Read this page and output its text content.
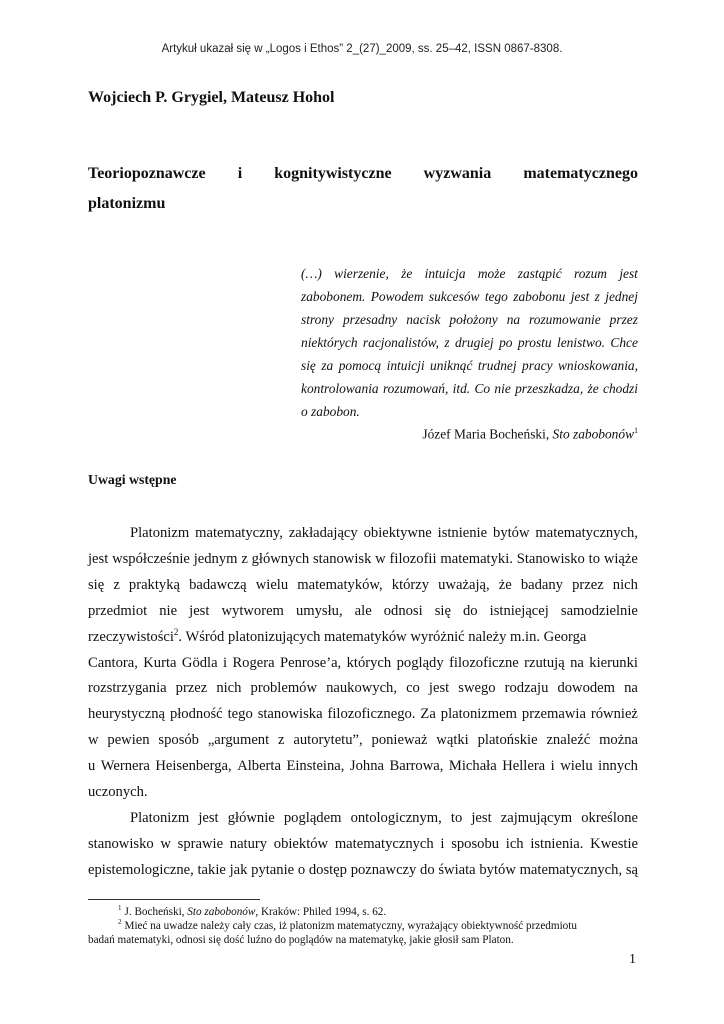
Artykuł ukazał się w „Logos i Ethos” 2_(27)_2009, ss. 25–42, ISSN 0867-8308.
Wojciech P. Grygiel, Mateusz Hohol
Teoriopoznawcze i kognitywistyczne wyzwania matematycznego
platonizmu
(…) wierzenie, że intuicja może zastąpić rozum jest
zabobonem. Powodem sukcesów tego zabobonu jest z jednej
strony przesadny nacisk położony na rozumowanie przez
niektórych racjonalistów, z drugiej po prostu lenistwo. Chce
się za pomocą intuicji uniknąć trudnej pracy wnioskowania,
kontrolowania rozumowań, itd. Co nie przeszkadza, że chodzi
o zabobon.
Józef Maria Bocheński, Sto zabobonów$^1$
Uwagi wstępne
Platonizm matematyczny, zakładający obiektywne istnienie bytów matematycznych,
jest współcześnie jednym z głównych stanowisk w filozofii matematyki. Stanowisko to wiąże
się z praktyką badawczą wielu matematyków, którzy uważają, że badany przez nich
przedmiot nie jest wytworem umysłu, ale odnosi się do istniejącej samodzielnie
rzeczywistości$^2$. Wśród platonizujących matematyków wyróżnić należy m.in. Georga
Cantora, Kurta Gödla i Rogera Penrose’a, których poglądy filozoficzne rzutują na kierunki
rozstrzygania przez nich problemów naukowych, co jest swego rodzaju dowodem na
heurystyczną płodność tego stanowiska filozoficznego. Za platonizmem przemawia również
w pewien sposób „argument z autorytetu”, ponieważ wątki platońskie znaleźć można
u Wernera Heisenberga, Alberta Einsteina, Johna Barrowa, Michała Hellera i wielu innych
uczonych.
Platonizm jest głównie poglądem ontologicznym, to jest zajmującym określone
stanowisko w sprawie natury obiektów matematycznych i sposobu ich istnienia. Kwestie
epistemologiczne, takie jak pytanie o dostęp poznawczy do świata bytów matematycznych, są
$^1$ J. Bocheński, Sto zabobonów, Kraków: Philed 1994, s. 62.
$^2$ Mieć na uwadze należy cały czas, iż platonizm matematyczny, wyrażający obiektywność przedmiotu
badań matematyki, odnosi się dość luźno do poglądów na matematykę, jakie głosił sam Platon.
1
